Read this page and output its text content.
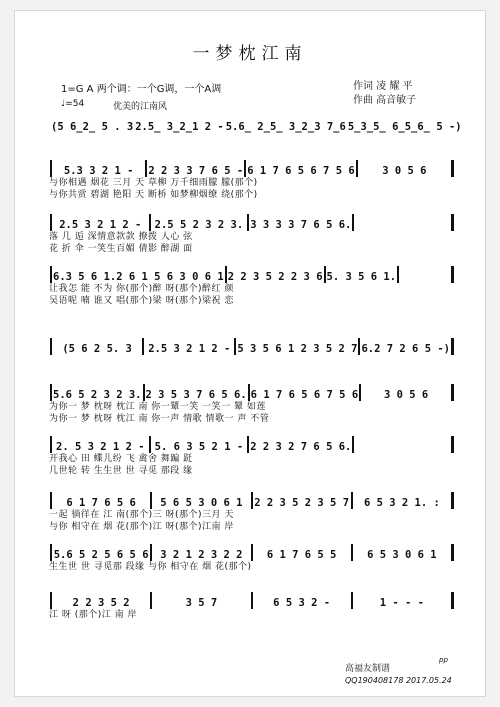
一梦枕江南
1=G A 两个调：一个G调，一个A调	作词 凌 耀 平
作曲 高音敏子
♩=54	优美的江南风
(5 6̲2̲ 5 . 3 2.5̲ 3̲2̲1 2 - 5.6̲ 2̲5̲ 3̲2̲3 7̲6 5̲3̲5̲ 6̲5̲6̲ 5 -)
5.3 3 2 1 -	2 2 3 3 7 6 5 - 6 1 7 6 5 6 7 5 6	3 0 5 6
与你相遇 烟花 三月 天 草柳 万千细雨朦 朦(那个)
与你共赏 碧湖 艳阳 天 断桥 如梦柳烟缭 绕(那个)
2.5 3 2 1 2 -	2.5 5 2 3 2 3. 3 3 3 3 7 6 5 6.
落 几 逅 深情意款款 撩拨 人心 弦
花 折 伞 一笑生百媚 倩影 醉湖 面
6.3 5 6 1.2 6 1 5 6 3 0 6 1 2 2 3 5 2 2 3 6 5. 3 5 6 1.
让我怎 能 不为 你(那个)醉 呀(那个)醉红 颜
吴语呢 喃 谁又 唱(那个)梁 呀(那个)梁祝 恋
(5 6 2 5. 3	2.5 3 2 1 2 - 5 3 5 6 1 2 3 5 2 7 6.2 7 2 6 5 -)
5.6 5 2 3 2 3. 2 3 5 3 7 6 5 6. 6 1 7 6 5 6 7 5 6	3 0 5 6
为你一 梦 枕呀 枕江 南 你一颦一笑 一笑一 颦 如莲
为你一 梦 枕呀 枕江 南 你一声 情歌 情歌一 声 不管
2. 5 3 2 1 2 - 5. 6 3 5 2 1 - 2 2 3 2 7 6 5 6.
开我心 田 蝶儿纷 飞 禽舍 舞蹁 跹
几世轮 转 生生世 世 寻觅 那段 缘
6 1 7 6 5 6	5 6 5 3 0 6 1	2 2 3 5 2 3 5 7	6 5 3 2 1. :
一起 徜徉在 江 南(那个)三 呀(那个)三月 天
与你 相守在 烟 花(那个)江 呀(那个)江南 岸
5.6 5 2 5 6 5 6	3 2 1 2 3 2 2	6 1 7 6 5 5	6 5 3 0 6 1
生生世 世 寻觅那 段缘 与你 相守在 烟 花(那个)
2 2 3 5 2	3 5 7	6 5 3 2 -	1 - - -
江 呀 (那个)江 南 岸
高福友制谱
QQ190408178 2017.05.24
pp
